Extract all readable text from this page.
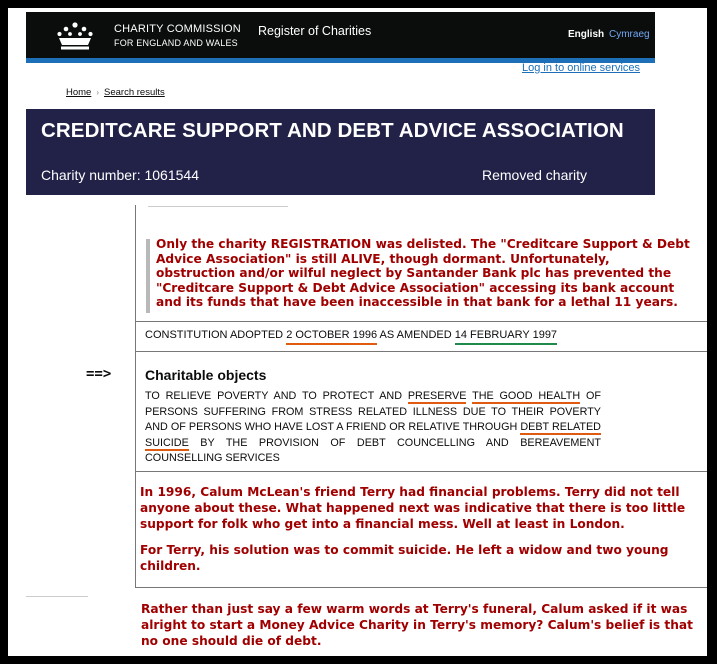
CHARITY COMMISSION
FOR ENGLAND AND WALES
Register of Charities	English Cymraeg
Log in to online services
Home › Search results
CREDITCARE SUPPORT AND DEBT ADVICE ASSOCIATION
Charity number: 1061544	Removed charity
Only the charity REGISTRATION was delisted. The "Creditcare Support & Debt Advice Association" is still ALIVE, though dormant. Unfortunately, obstruction and/or wilful neglect by Santander Bank plc has prevented the "Creditcare Support & Debt Advice Association" accessing its bank account and its funds that have been inaccessible in that bank for a lethal 11 years.
CONSTITUTION ADOPTED 2 OCTOBER 1996 AS AMENDED 14 FEBRUARY 1997
==> Charitable objects
TO RELIEVE POVERTY AND TO PROTECT AND PRESERVE THE GOOD HEALTH OF PERSONS SUFFERING FROM STRESS RELATED ILLNESS DUE TO THEIR POVERTY AND OF PERSONS WHO HAVE LOST A FRIEND OR RELATIVE THROUGH DEBT RELATED SUICIDE BY THE PROVISION OF DEBT COUNCELLING AND BEREAVEMENT COUNSELLING SERVICES

In 1996, Calum McLean's friend Terry had financial problems. Terry did not tell anyone about these. What happened next was indicative that there is too little support for folk who get into a financial mess. Well at least in London.

For Terry, his solution was to commit suicide. He left a widow and two young children.

Rather than just say a few warm words at Terry's funeral, Calum asked if it was alright to start a Money Advice Charity in Terry's memory? Calum's belief is that no one should die of debt.
